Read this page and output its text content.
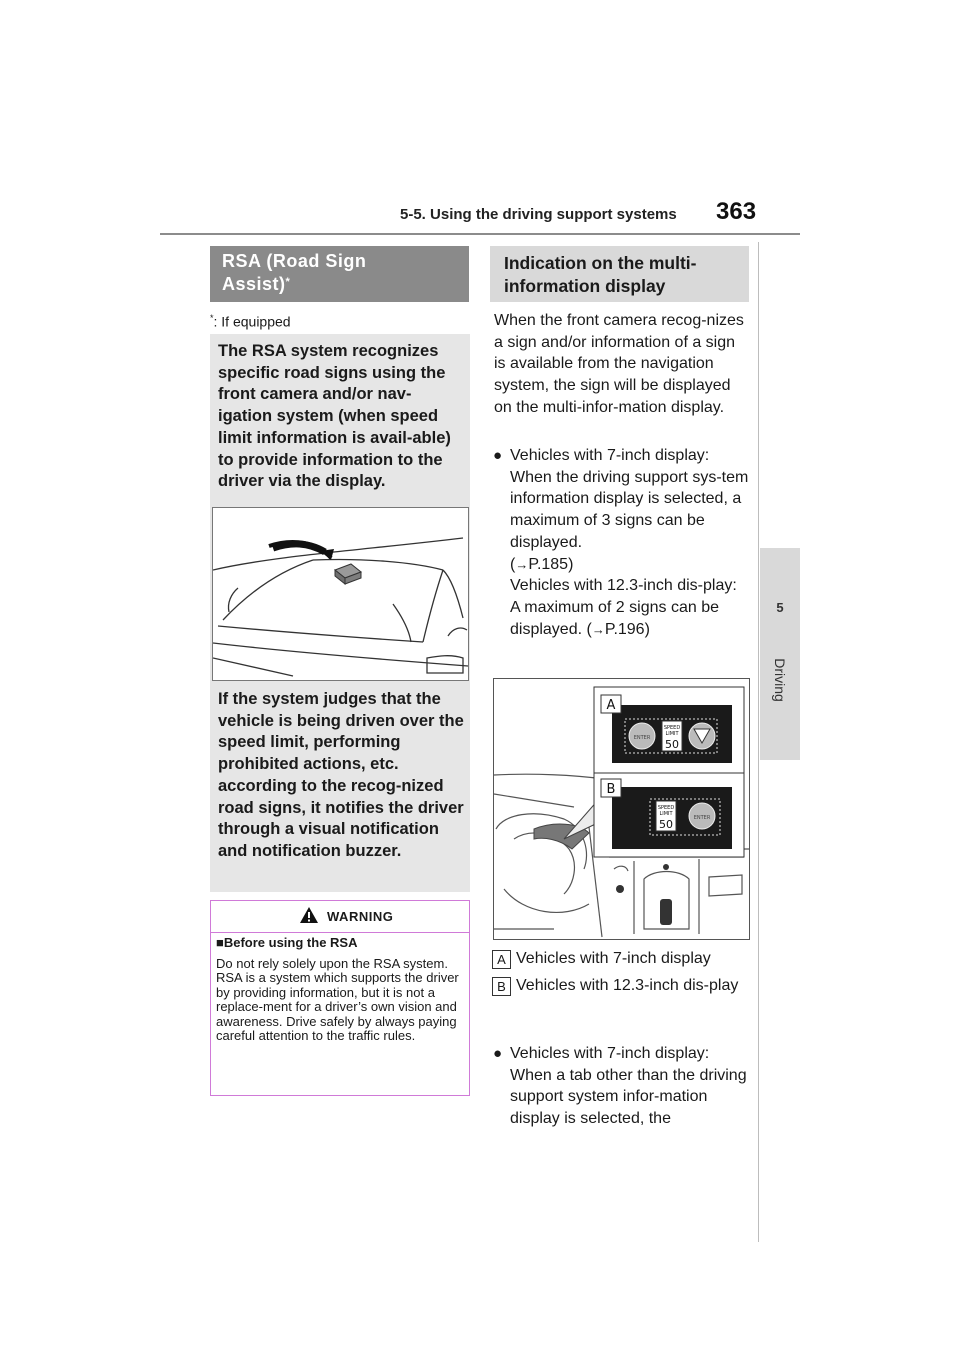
5-5. Using the driving support systems 363
5
Driving
RSA (Road Sign
Assist)*
*: If equipped
The RSA system recognizes specific road signs using the front camera and/or nav-igation system (when speed limit information is avail-able) to provide information to the driver via the display.
If the system judges that the vehicle is being driven over the speed limit, performing prohibited actions, etc. according to the recog-nized road signs, it notifies the driver through a visual notification and notification buzzer.
WARNING
■Before using the RSA
Do not rely solely upon the RSA system. RSA is a system which supports the driver by providing information, but it is not a replace-ment for a driver’s own vision and awareness. Drive safely by always paying careful attention to the traffic rules.
Indication on the multi-
information display
When the front camera recog-nizes a sign and/or information of a sign is available from the navigation system, the sign will be displayed on the multi-infor-mation display.
● Vehicles with 7-inch display:
When the driving support sys-tem information display is selected, a maximum of 3 signs can be displayed.
(→P.185)
Vehicles with 12.3-inch dis-play:
A maximum of 2 signs can be displayed. (→P.196)
ENTER
SPEED
LIMIT
50
A
SPEED
LIMIT
50	ENTER
B
A Vehicles with 7-inch display
B Vehicles with 12.3-inch dis-play
● Vehicles with 7-inch display: When a tab other than the driving support system infor-mation display is selected, the
